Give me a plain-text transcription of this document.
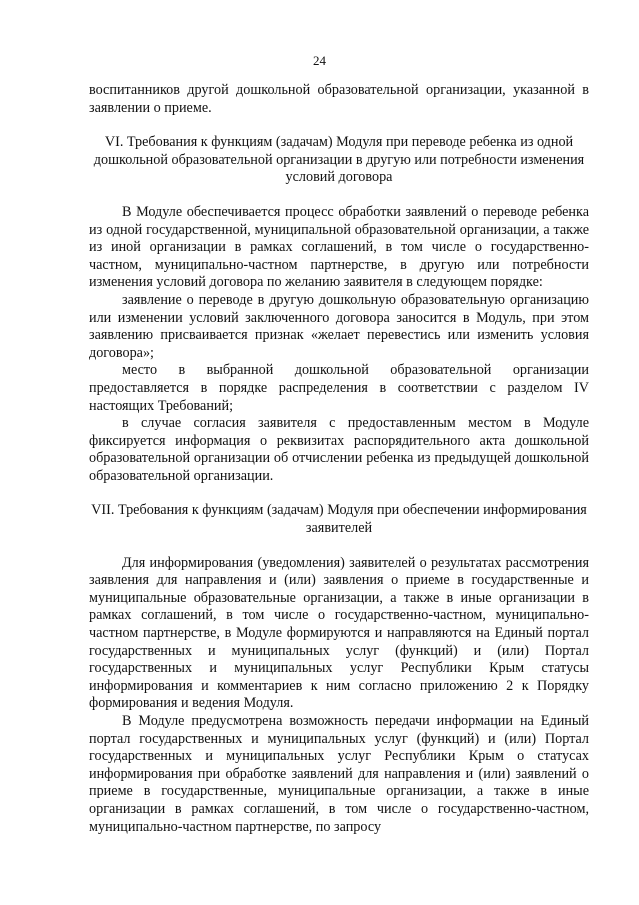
24

воспитанников другой дошкольной образовательной организации, указанной в заявлении о приеме.

VI. Требования к функциям (задачам) Модуля при переводе ребенка из одной дошкольной образовательной организации в другую или потребности изменения условий договора

В Модуле обеспечивается процесс обработки заявлений о переводе ребенка из одной государственной, муниципальной образовательной организации, а также из иной организации в рамках соглашений, в том числе о государственно-частном, муниципально-частном партнерстве, в другую или потребности изменения условий договора по желанию заявителя в следующем порядке:

заявление о переводе в другую дошкольную образовательную организацию или изменении условий заключенного договора заносится в Модуль, при этом заявлению присваивается признак «желает перевестись или изменить условия договора»;

место в выбранной дошкольной образовательной организации предоставляется в порядке распределения в соответствии с разделом IV настоящих Требований;

в случае согласия заявителя с предоставленным местом в Модуле фиксируется информация о реквизитах распорядительного акта дошкольной образовательной организации об отчислении ребенка из предыдущей дошкольной образовательной организации.

VII. Требования к функциям (задачам) Модуля при обеспечении информирования заявителей

Для информирования (уведомления) заявителей о результатах рассмотрения заявления для направления и (или) заявления о приеме в государственные и муниципальные образовательные организации, а также в иные организации в рамках соглашений, в том числе о государственно-частном, муниципально-частном партнерстве, в Модуле формируются и направляются на Единый портал государственных и муниципальных услуг (функций) и (или) Портал государственных и муниципальных услуг Республики Крым статусы информирования и комментариев к ним согласно приложению 2 к Порядку формирования и ведения Модуля.

В Модуле предусмотрена возможность передачи информации на Единый портал государственных и муниципальных услуг (функций) и (или) Портал государственных и муниципальных услуг Республики Крым о статусах информирования при обработке заявлений для направления и (или) заявлений о приеме в государственные, муниципальные организации, а также в иные организации в рамках соглашений, в том числе о государственно-частном, муниципально-частном партнерстве, по запросу
